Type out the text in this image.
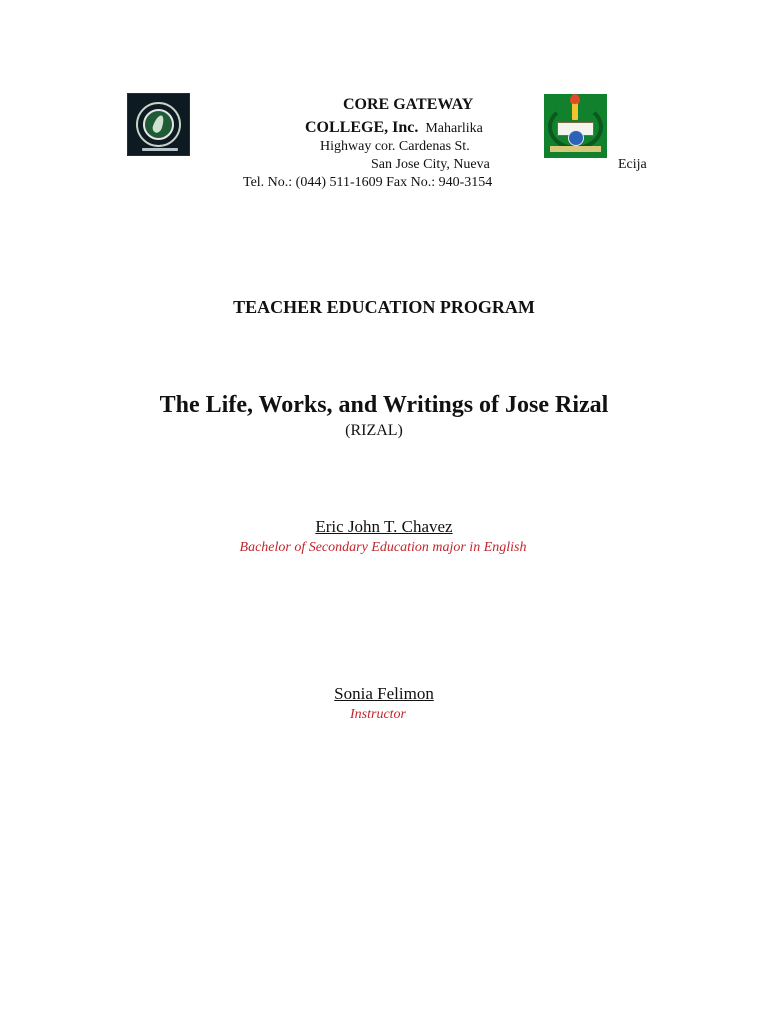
CORE GATEWAY
COLLEGE, Inc. Maharlika
Highway cor. Cardenas St.
San Jose City, Nueva	Ecija
Tel. No.: (044) 511-1609 Fax No.: 940-3154
TEACHER EDUCATION PROGRAM
The Life, Works, and Writings of Jose Rizal
(RIZAL)
Eric John T. Chavez
Bachelor of Secondary Education major in English
Sonia Felimon
Instructor
